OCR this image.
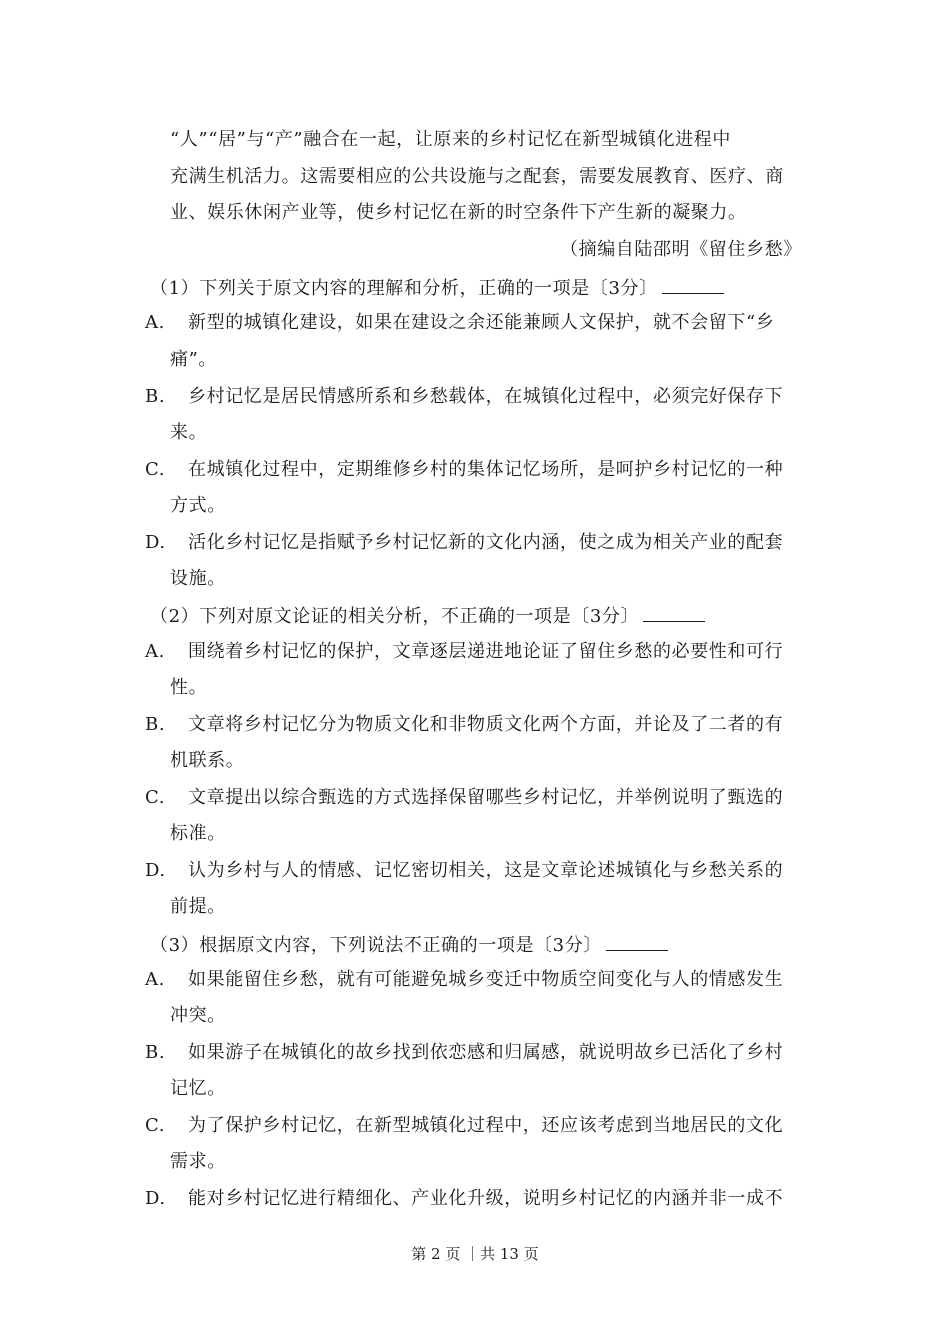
“人”“居”与“产”融合在一起，让原来的乡村记忆在新型城镇化进程中
充满生机活力。这需要相应的公共设施与之配套，需要发展教育、医疗、商
业、娱乐休闲产业等，使乡村记忆在新的时空条件下产生新的凝聚力。
（摘编自陆邵明《留住乡愁》
（1）下列关于原文内容的理解和分析，正确的一项是〔3分〕
A. 新型的城镇化建设，如果在建设之余还能兼顾人文保护，就不会留下“乡
痛”。
B. 乡村记忆是居民情感所系和乡愁载体，在城镇化过程中，必须完好保存下
来。
C. 在城镇化过程中，定期维修乡村的集体记忆场所，是呵护乡村记忆的一种
方式。
D. 活化乡村记忆是指赋予乡村记忆新的文化内涵，使之成为相关产业的配套
设施。
（2）下列对原文论证的相关分析，不正确的一项是〔3分〕
A. 围绕着乡村记忆的保护，文章逐层递进地论证了留住乡愁的必要性和可行
性。
B. 文章将乡村记忆分为物质文化和非物质文化两个方面，并论及了二者的有
机联系。
C. 文章提出以综合甄选的方式选择保留哪些乡村记忆，并举例说明了甄选的
标准。
D. 认为乡村与人的情感、记忆密切相关，这是文章论述城镇化与乡愁关系的
前提。
（3）根据原文内容，下列说法不正确的一项是〔3分〕
A. 如果能留住乡愁，就有可能避免城乡变迁中物质空间变化与人的情感发生
冲突。
B. 如果游子在城镇化的故乡找到依恋感和归属感，就说明故乡已活化了乡村
记忆。
C. 为了保护乡村记忆，在新型城镇化过程中，还应该考虑到当地居民的文化
需求。
D. 能对乡村记忆进行精细化、产业化升级，说明乡村记忆的内涵并非一成不
第 2 页 ｜共 13 页
